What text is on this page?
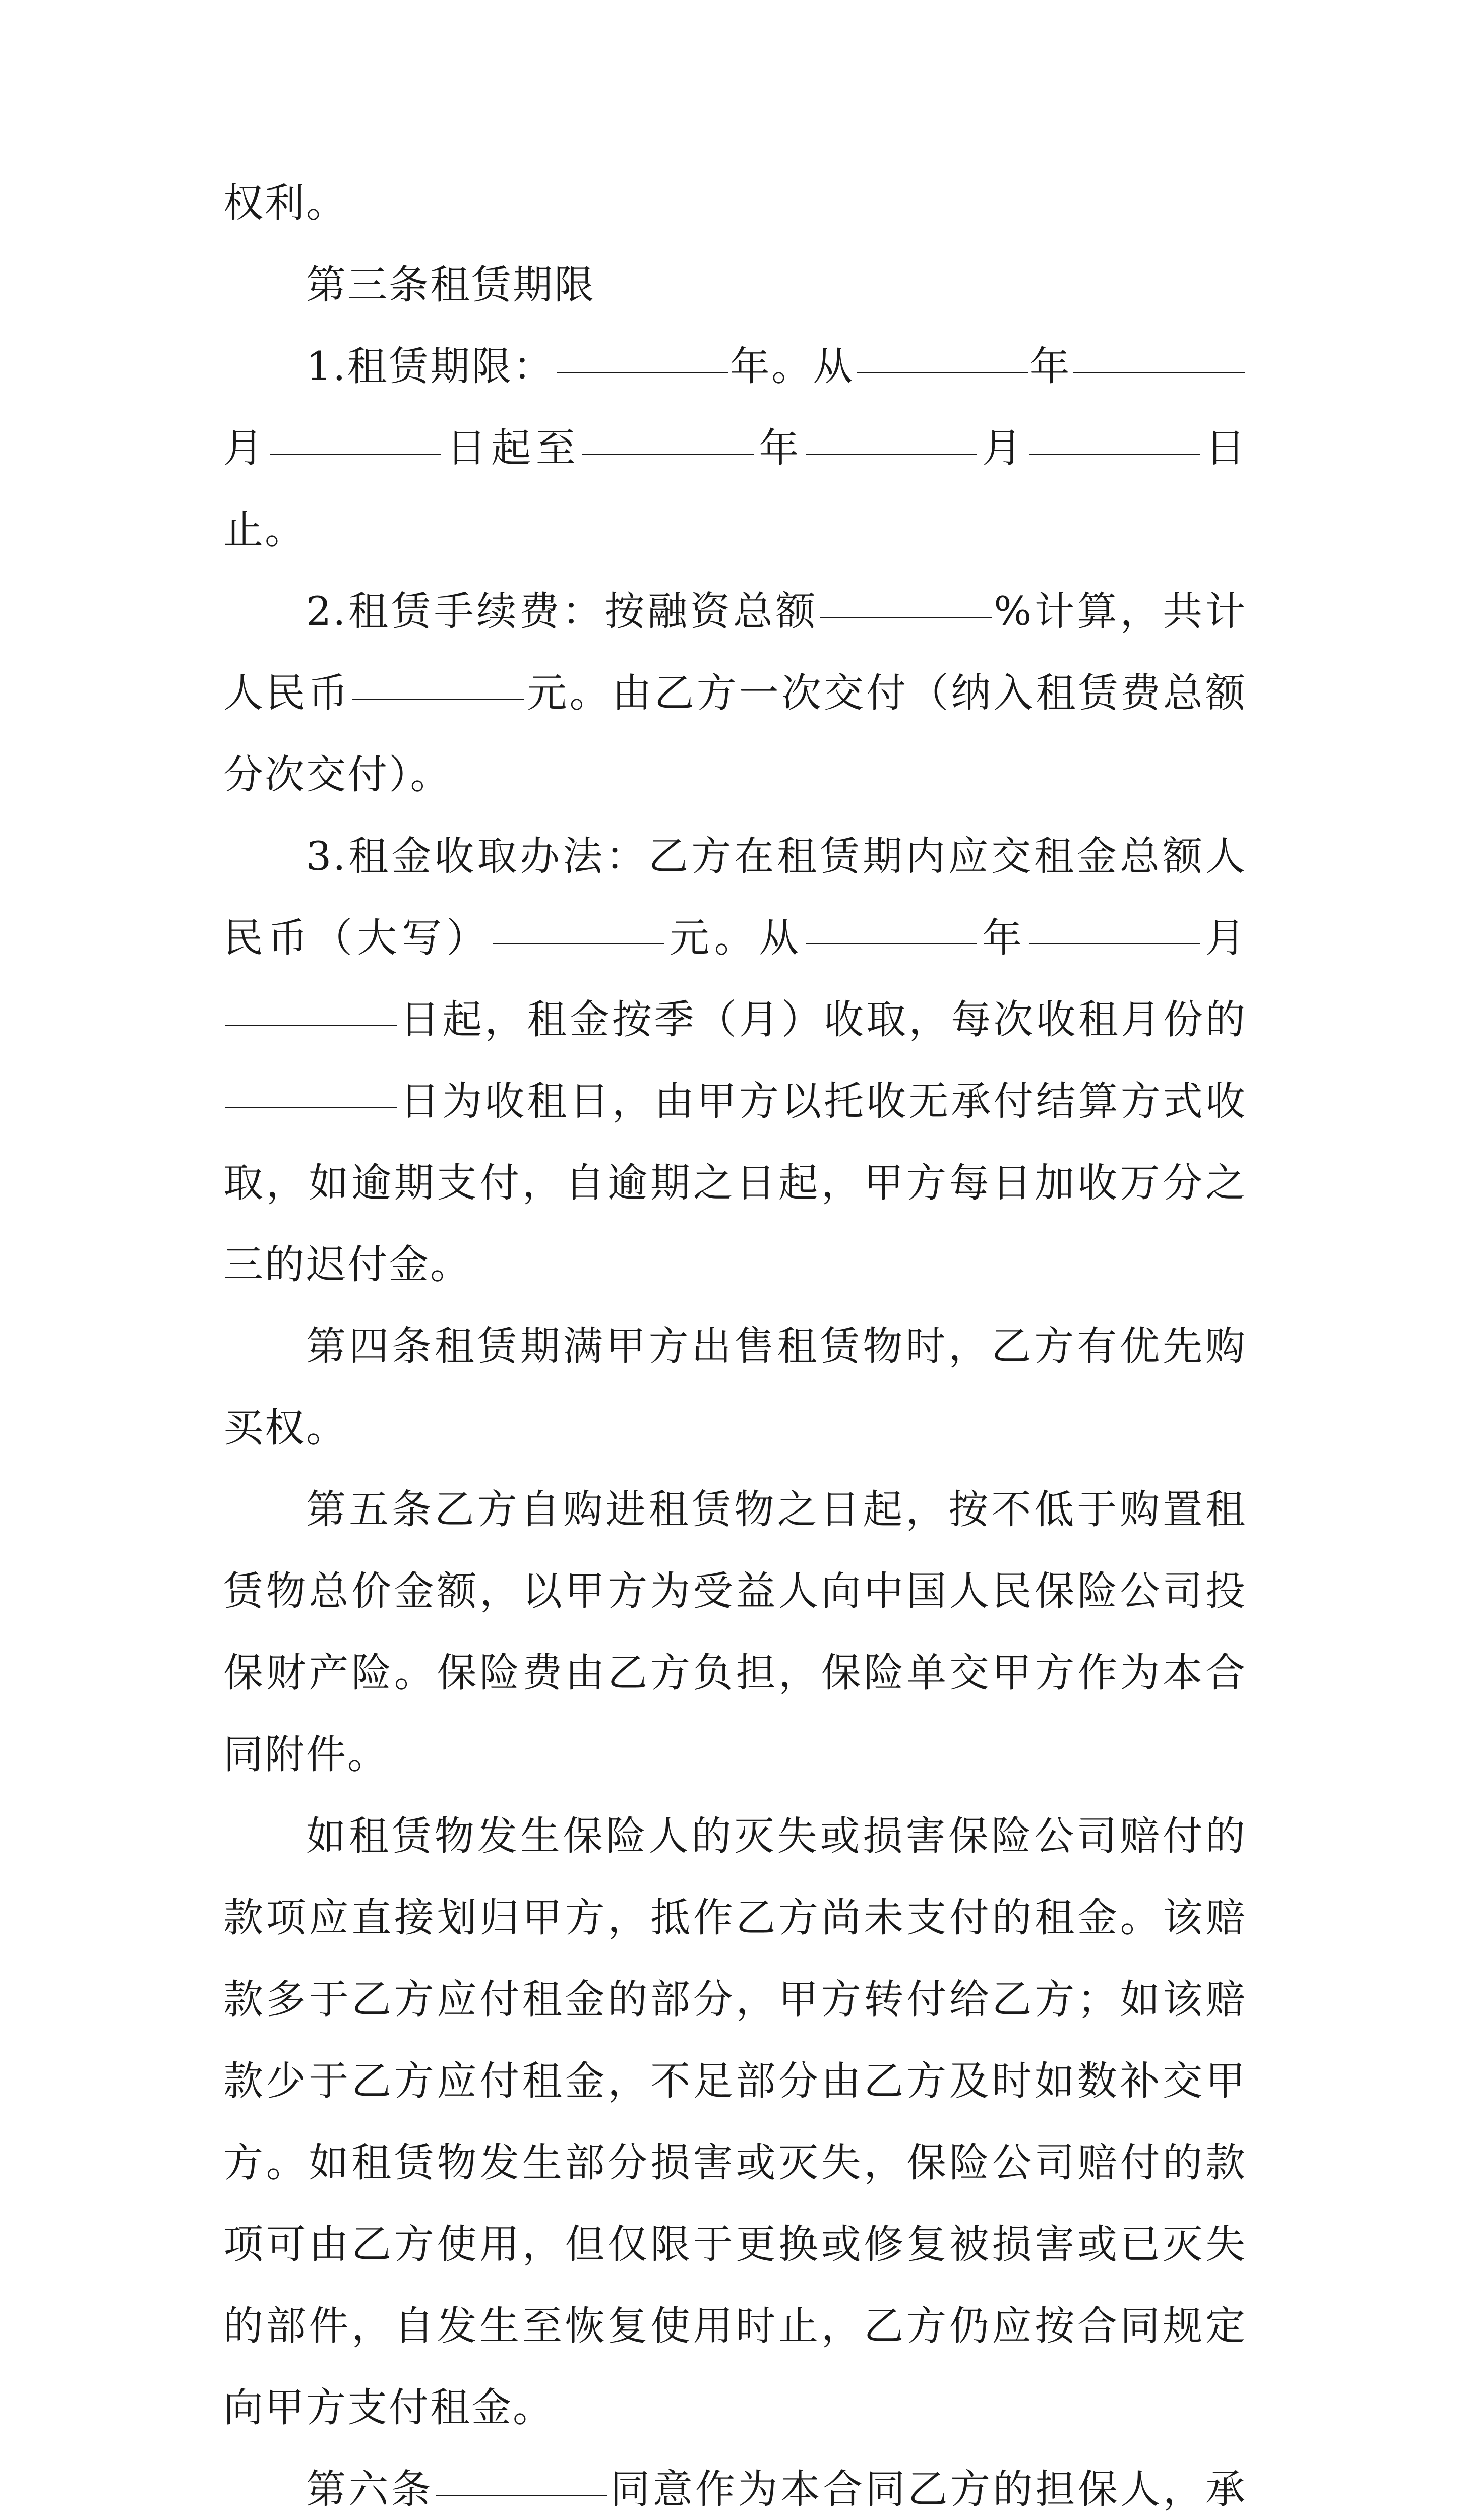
权利。

第三条租赁期限

1.租赁期限：	年。从	年月	日起至	年	月	日止。

2.租赁手续费：按融资总额	%计算，共计人民币	元。由乙方一次交付（纳入租赁费总额分次交付）。

3.租金收取办法：乙方在租赁期内应交租金总额人民币（大写）	元。从	年	月日起，租金按季（月）收取，每次收租月份的日为收租日，由甲方以托收无承付结算方式收取，如逾期支付，自逾期之日起，甲方每日加收万分之三的迟付金。

第四条租赁期满甲方出售租赁物时，乙方有优先购买权。

第五条乙方自购进租赁物之日起，按不低于购置租赁物总价金额，以甲方为受益人向中国人民保险公司投保财产险。保险费由乙方负担，保险单交甲方作为本合同附件。

如租赁物发生保险人的灭失或损害保险公司赔付的款项应直接划归甲方，抵作乙方尚未支付的租金。该赔款多于乙方应付租金的部分，甲方转付给乙方；如该赔款少于乙方应付租金，不足部分由乙方及时如数补交甲方。如租赁物发生部分损害或灭失，保险公司赔付的款项可由乙方使用，但仅限于更换或修复被损害或已灭失的部件，自发生至恢复使用时止，乙方仍应按合同规定向甲方支付租金。

第六条	同意作为本合同乙方的担保人，承
